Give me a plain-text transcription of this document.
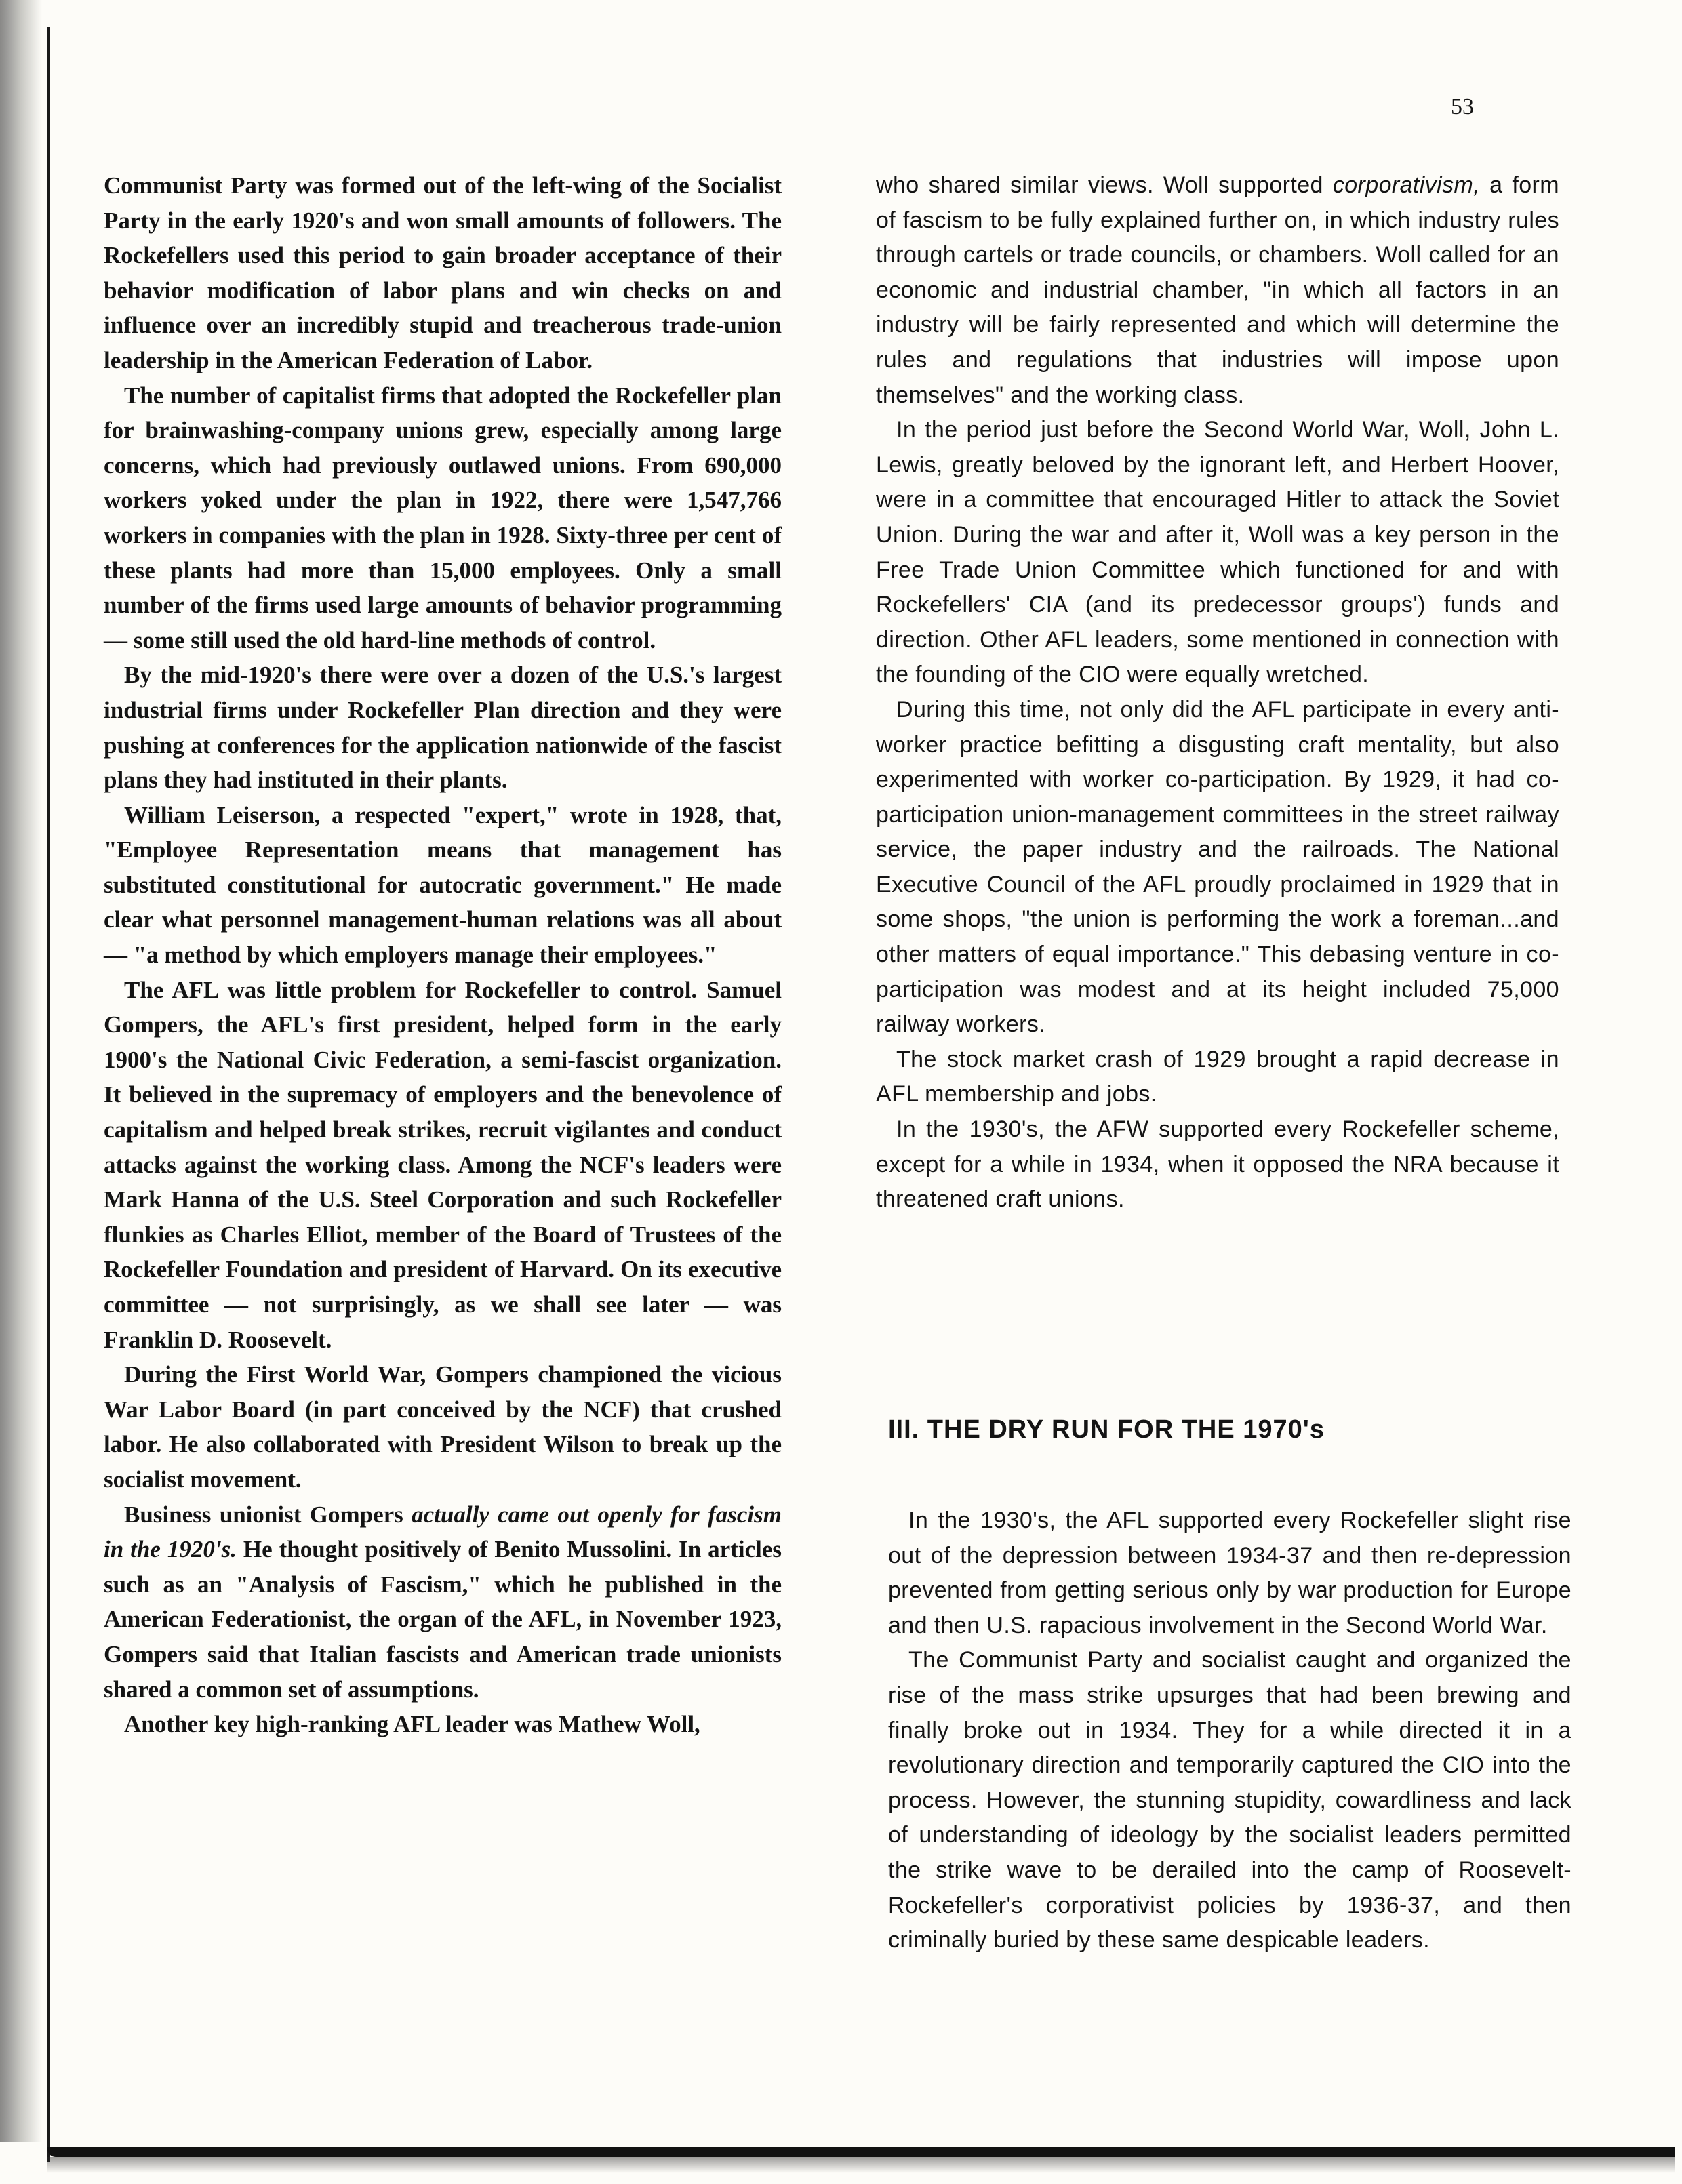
53

Communist Party was formed out of the left-wing of the Socialist Party in the early 1920's and won small amounts of followers. The Rockefellers used this period to gain broader acceptance of their behavior modification of labor plans and win checks on and influence over an incredibly stupid and treacherous trade-union leadership in the American Federation of Labor.

The number of capitalist firms that adopted the Rockefeller plan for brainwashing-company unions grew, especially among large concerns, which had previously outlawed unions. From 690,000 workers yoked under the plan in 1922, there were 1,547,766 workers in companies with the plan in 1928. Sixty-three per cent of these plants had more than 15,000 employees. Only a small number of the firms used large amounts of behavior programming — some still used the old hard-line methods of control.

By the mid-1920's there were over a dozen of the U.S.'s largest industrial firms under Rockefeller Plan direction and they were pushing at conferences for the application nationwide of the fascist plans they had instituted in their plants.

William Leiserson, a respected "expert," wrote in 1928, that, "Employee Representation means that management has substituted constitutional for autocratic government." He made clear what personnel management-human relations was all about — "a method by which employers manage their employees."

The AFL was little problem for Rockefeller to control. Samuel Gompers, the AFL's first president, helped form in the early 1900's the National Civic Federation, a semi-fascist organization. It believed in the supremacy of employers and the benevolence of capitalism and helped break strikes, recruit vigilantes and conduct attacks against the working class. Among the NCF's leaders were Mark Hanna of the U.S. Steel Corporation and such Rockefeller flunkies as Charles Elliot, member of the Board of Trustees of the Rockefeller Foundation and president of Harvard. On its executive committee — not surprisingly, as we shall see later — was Franklin D. Roosevelt.

During the First World War, Gompers championed the vicious War Labor Board (in part conceived by the NCF) that crushed labor. He also collaborated with President Wilson to break up the socialist movement.

Business unionist Gompers actually came out openly for fascism in the 1920's. He thought positively of Benito Mussolini. In articles such as an "Analysis of Fascism," which he published in the American Federationist, the organ of the AFL, in November 1923, Gompers said that Italian fascists and American trade unionists shared a common set of assumptions.

Another key high-ranking AFL leader was Mathew Woll,

who shared similar views. Woll supported corporativism, a form of fascism to be fully explained further on, in which industry rules through cartels or trade councils, or chambers. Woll called for an economic and industrial chamber, "in which all factors in an industry will be fairly represented and which will determine the rules and regulations that industries will impose upon themselves" and the working class.

In the period just before the Second World War, Woll, John L. Lewis, greatly beloved by the ignorant left, and Herbert Hoover, were in a committee that encouraged Hitler to attack the Soviet Union. During the war and after it, Woll was a key person in the Free Trade Union Committee which functioned for and with Rockefellers' CIA (and its predecessor groups') funds and direction. Other AFL leaders, some mentioned in connection with the founding of the CIO were equally wretched.

During this time, not only did the AFL participate in every anti-worker practice befitting a disgusting craft mentality, but also experimented with worker co-participation. By 1929, it had co-participation union-management committees in the street railway service, the paper industry and the railroads. The National Executive Council of the AFL proudly proclaimed in 1929 that in some shops, "the union is performing the work a foreman...and other matters of equal importance." This debasing venture in co-participation was modest and at its height included 75,000 railway workers.

The stock market crash of 1929 brought a rapid decrease in AFL membership and jobs.

In the 1930's, the AFW supported every Rockefeller scheme, except for a while in 1934, when it opposed the NRA because it threatened craft unions.

III. THE DRY RUN FOR THE 1970's

In the 1930's, the AFL supported every Rockefeller slight rise out of the depression between 1934-37 and then re-depression prevented from getting serious only by war production for Europe and then U.S. rapacious involvement in the Second World War.

The Communist Party and socialist caught and organized the rise of the mass strike upsurges that had been brewing and finally broke out in 1934. They for a while directed it in a revolutionary direction and temporarily captured the CIO into the process. However, the stunning stupidity, cowardliness and lack of understanding of ideology by the socialist leaders permitted the strike wave to be derailed into the camp of Roosevelt-Rockefeller's corporativist policies by 1936-37, and then criminally buried by these same despicable leaders.
